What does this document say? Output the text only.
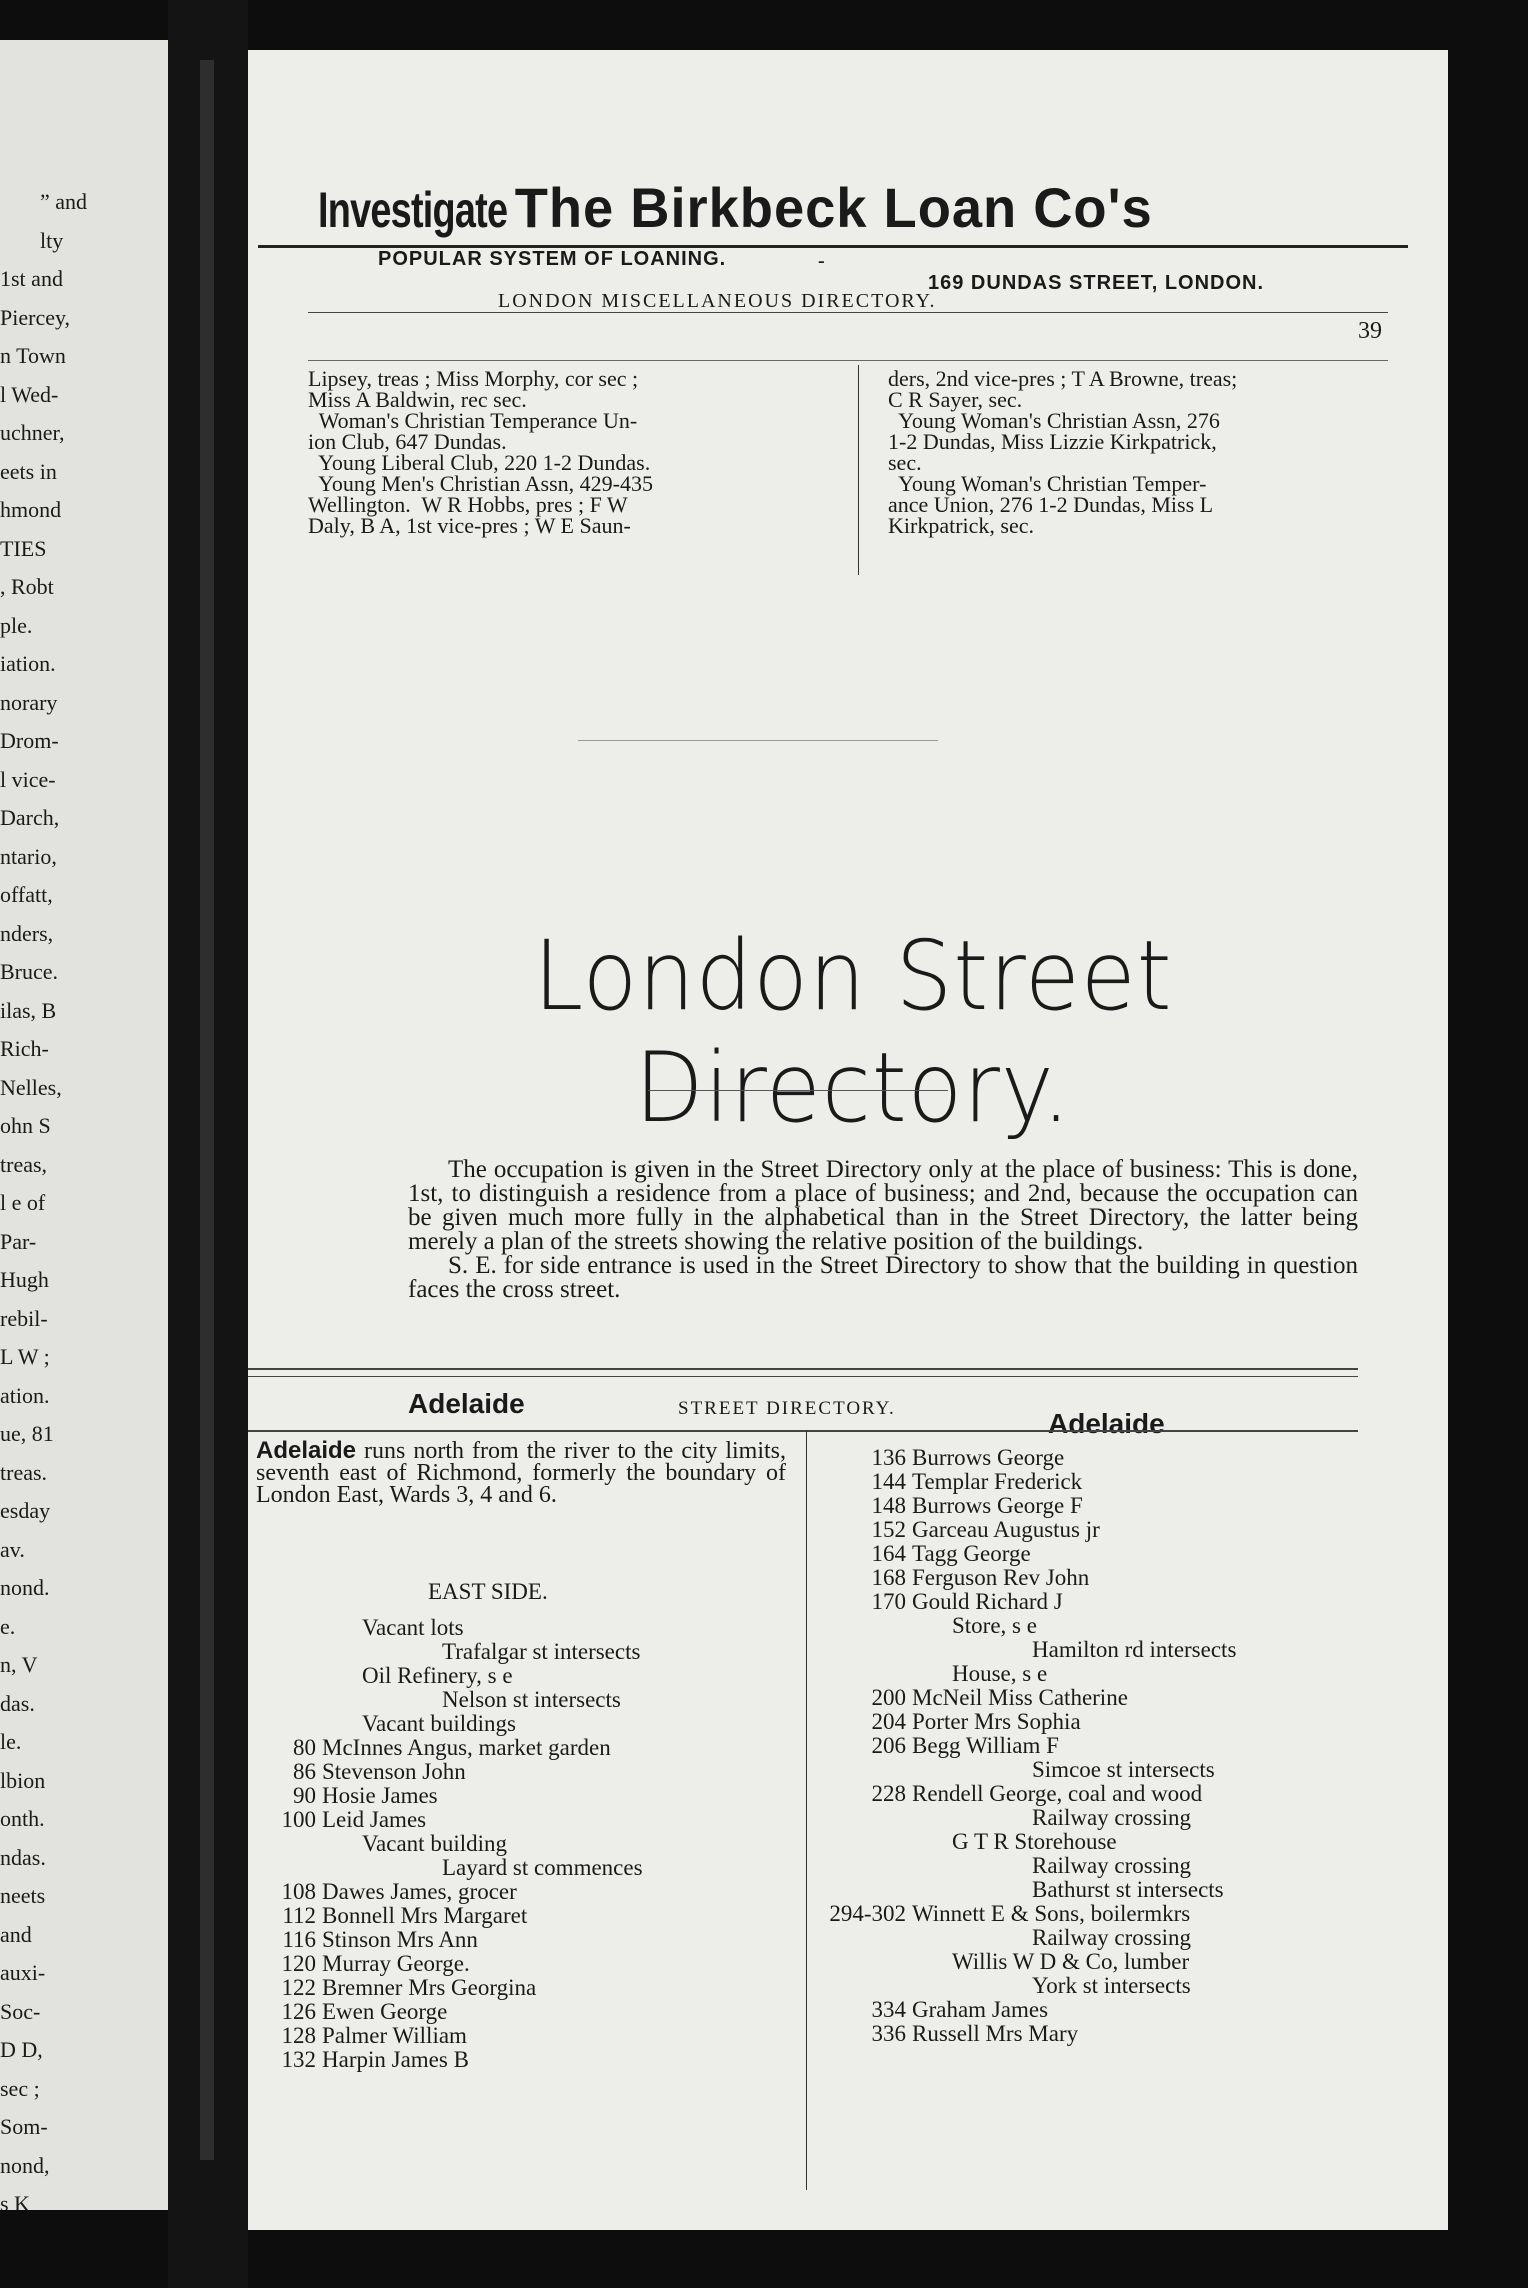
” and
lty
1st and
Piercey,
n Town
l Wed-
uchner,
eets in
hmond
TIES
, Robt
ple.
iation.
norary
Drom-
l vice-
Darch,
ntario,
offatt,
nders,
Bruce.
ilas, B
Rich-
Nelles,
ohn S
treas,
l e of
Par-
Hugh
rebil-
L W ;
ation.
ue, 81
treas.
esday
av.
nond.
e.
n, V
das.
le.
lbion
onth.
ndas.
neets
and
auxi-
Soc-
D D,
sec ;
Som-
nond,
s K
Investigate The Birkbeck Loan Co's
POPULAR SYSTEM OF LOANING.	-
169 DUNDAS STREET, LONDON.
LONDON MISCELLANEOUS DIRECTORY.
39
Lipsey, treas ; Miss Morphy, cor sec ;
Miss A Baldwin, rec sec.
Woman's Christian Temperance Un-
ion Club, 647 Dundas.
Young Liberal Club, 220 1-2 Dundas.
Young Men's Christian Assn, 429-435
Wellington.  W R Hobbs, pres ; F W
Daly, B A, 1st vice-pres ; W E Saun-
ders, 2nd vice-pres ; T A Browne, treas;
C R Sayer, sec.
Young Woman's Christian Assn, 276
1-2 Dundas, Miss Lizzie Kirkpatrick,
sec.
Young Woman's Christian Temper-
ance Union, 276 1-2 Dundas, Miss L
Kirkpatrick, sec.
London Street Directory.

The occupation is given in the Street Directory only at the place of business: This is done, 1st, to distinguish a residence from a place of business; and 2nd, because the occupation can be given much more fully in the alphabetical than in the Street Directory, the latter being merely a plan of the streets showing the relative position of the buildings.

S. E. for side entrance is used in the Street Directory to show that the building in question faces the cross street.

Adelaide	STREET DIRECTORY.	Adelaide
Adelaide runs north from the river to the city limits, seventh east of Richmond, formerly the boundary of London East, Wards 3, 4 and 6.
EAST SIDE.
Vacant lots
Trafalgar st intersects
Oil Refinery, s e
Nelson st intersects
Vacant buildings
80 McInnes Angus, market garden
86 Stevenson John
90 Hosie James
100 Leid James
Vacant building
Layard st commences
108 Dawes James, grocer
112 Bonnell Mrs Margaret
116 Stinson Mrs Ann
120 Murray George.
122 Bremner Mrs Georgina
126 Ewen George
128 Palmer William
132 Harpin James B
136 Burrows George
144 Templar Frederick
148 Burrows George F
152 Garceau Augustus jr
164 Tagg George
168 Ferguson Rev John
170 Gould Richard J
Store, s e
Hamilton rd intersects
House, s e
200 McNeil Miss Catherine
204 Porter Mrs Sophia
206 Begg William F
Simcoe st intersects
228 Rendell George, coal and wood
Railway crossing
G T R Storehouse
Railway crossing
Bathurst st intersects
294-302 Winnett E & Sons, boilermkrs
Railway crossing
Willis W D & Co, lumber
York st intersects
334 Graham James
336 Russell Mrs Mary
